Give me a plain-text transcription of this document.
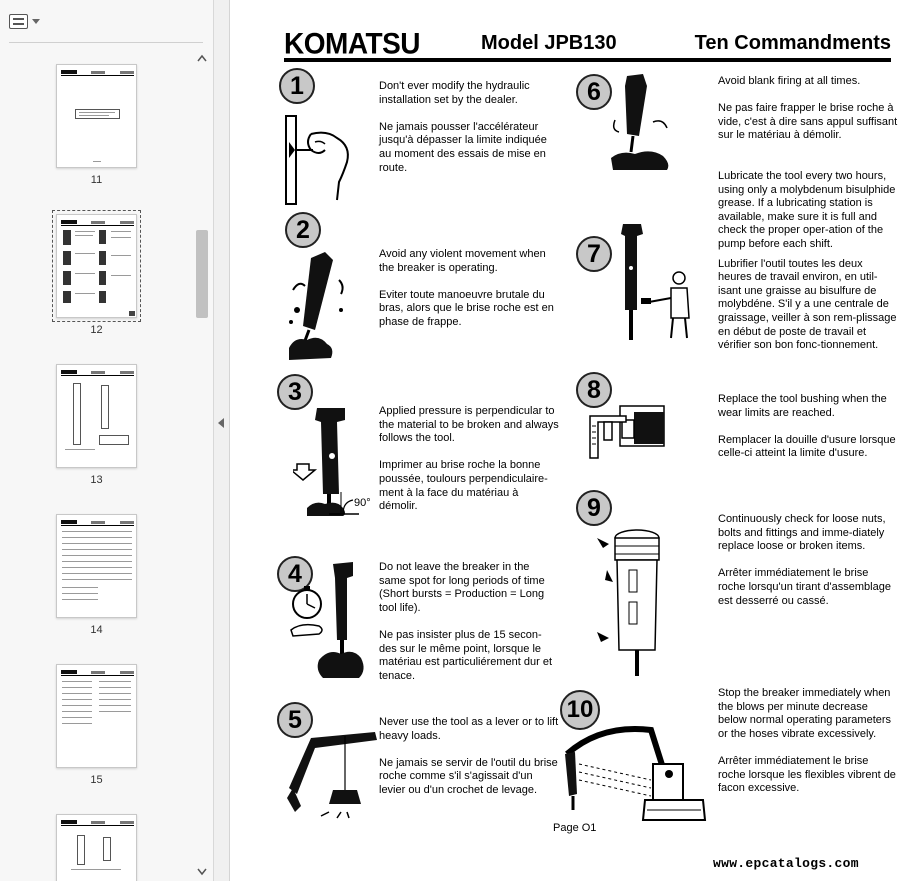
11
12
13
14
15
KOMATSU	Model JPB130	Ten Commandments
1	Don't ever modify the hydraulic installation set by the dealer.

Ne jamais pousser l'accélérateur jusqu'à dépasser la limite indiquée au moment des essais de mise en route.

2

Avoid any violent movement when the breaker is operating.

Eviter toute manoeuvre brutale du bras, alors que le brise roche est en phase de frappe.

3
90°

Applied pressure is perpendicular to the material to be broken and always follows the tool.

Imprimer au brise roche la bonne poussée, toulours perpendiculaire-ment à la face du matériau à démolir.

4	Do not leave the breaker in the same spot for long periods of time (Short bursts = Production = Long tool life).

Ne pas insister plus de 15 secon-des sur le même point, lorsque le matériau est particuliérement dur et tenace.

5	Never use the tool as a lever or to lift heavy loads.

Ne jamais se servir de l'outil du brise roche comme s'il s'agissait d'un levier ou d'un crochet de levage.

6	Avoid blank firing at all times.

Ne pas faire frapper le brise roche à vide, c'est à dire sans appul suffisant sur le matériau à démolir.

7

Lubricate the tool every two hours, using only a molybdenum bisulphide grease. If a lubricating station is available, make sure it is full and check the proper oper-ation of the pump before each shift.

Lubrifier l'outil toutes les deux heures de travail environ, en util-isant une graisse au bisulfure de molybdéne. S'il y a une centrale de graissage, veiller à son rem-plissage en début de poste de travail et vérifier son bon fonc-tionnement.

8	Replace the tool bushing when the wear limits are reached.

Remplacer la douille d'usure lorsque celle-ci atteint la limite d'usure.

9	Continuously check for loose nuts, bolts and fittings and imme-diately replace loose or broken items.

Arrêter immédiatement le brise roche lorsqu'un tirant d'assemblage est desserré ou cassé.

10

Stop the breaker immediately when the blows per minute decrease below normal operating parameters or the hoses vibrate excessively.

Arrêter immédiatement le brise roche lorsque les flexibles vibrent de facon excessive.

Page O1
www.epcatalogs.com
